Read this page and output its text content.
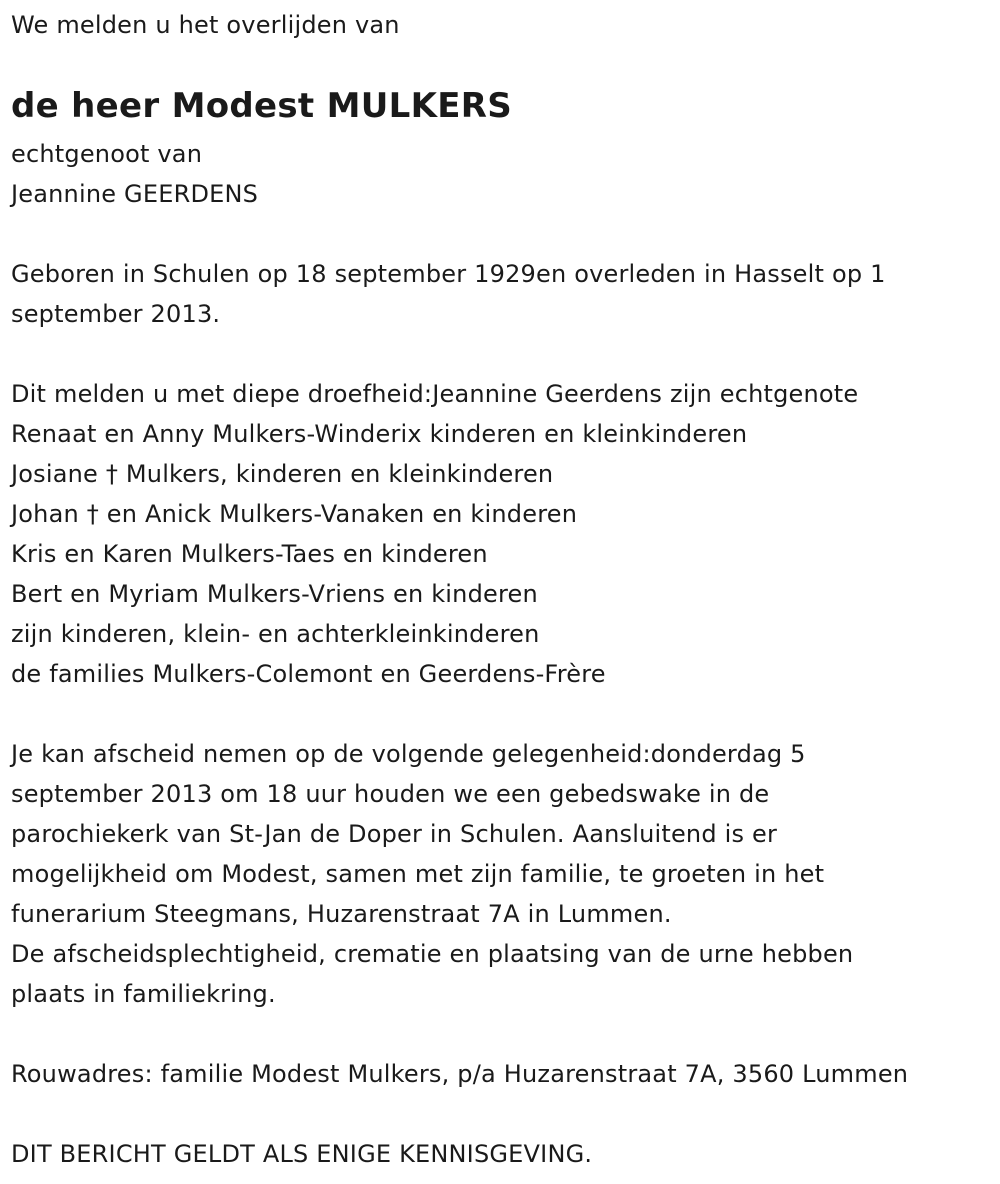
We melden u het overlijden van
de heer Modest MULKERS
echtgenoot van
Jeannine GEERDENS
Geboren in Schulen op 18 september 1929en overleden in Hasselt op 1
september 2013.
Dit melden u met diepe droefheid:Jeannine Geerdens zijn echtgenote
Renaat en Anny Mulkers-Winderix kinderen en kleinkinderen
Josiane † Mulkers, kinderen en kleinkinderen
Johan † en Anick Mulkers-Vanaken en kinderen
Kris en Karen Mulkers-Taes en kinderen
Bert en Myriam Mulkers-Vriens en kinderen
zijn kinderen, klein- en achterkleinkinderen
de families Mulkers-Colemont en Geerdens-Frère
Je kan afscheid nemen op de volgende gelegenheid:donderdag 5
september 2013 om 18 uur houden we een gebedswake in de
parochiekerk van St-Jan de Doper in Schulen. Aansluitend is er
mogelijkheid om Modest, samen met zijn familie, te groeten in het
funerarium Steegmans, Huzarenstraat 7A in Lummen.
De afscheidsplechtigheid, crematie en plaatsing van de urne hebben
plaats in familiekring.
Rouwadres: familie Modest Mulkers, p/a Huzarenstraat 7A, 3560 Lummen
DIT BERICHT GELDT ALS ENIGE KENNISGEVING.
